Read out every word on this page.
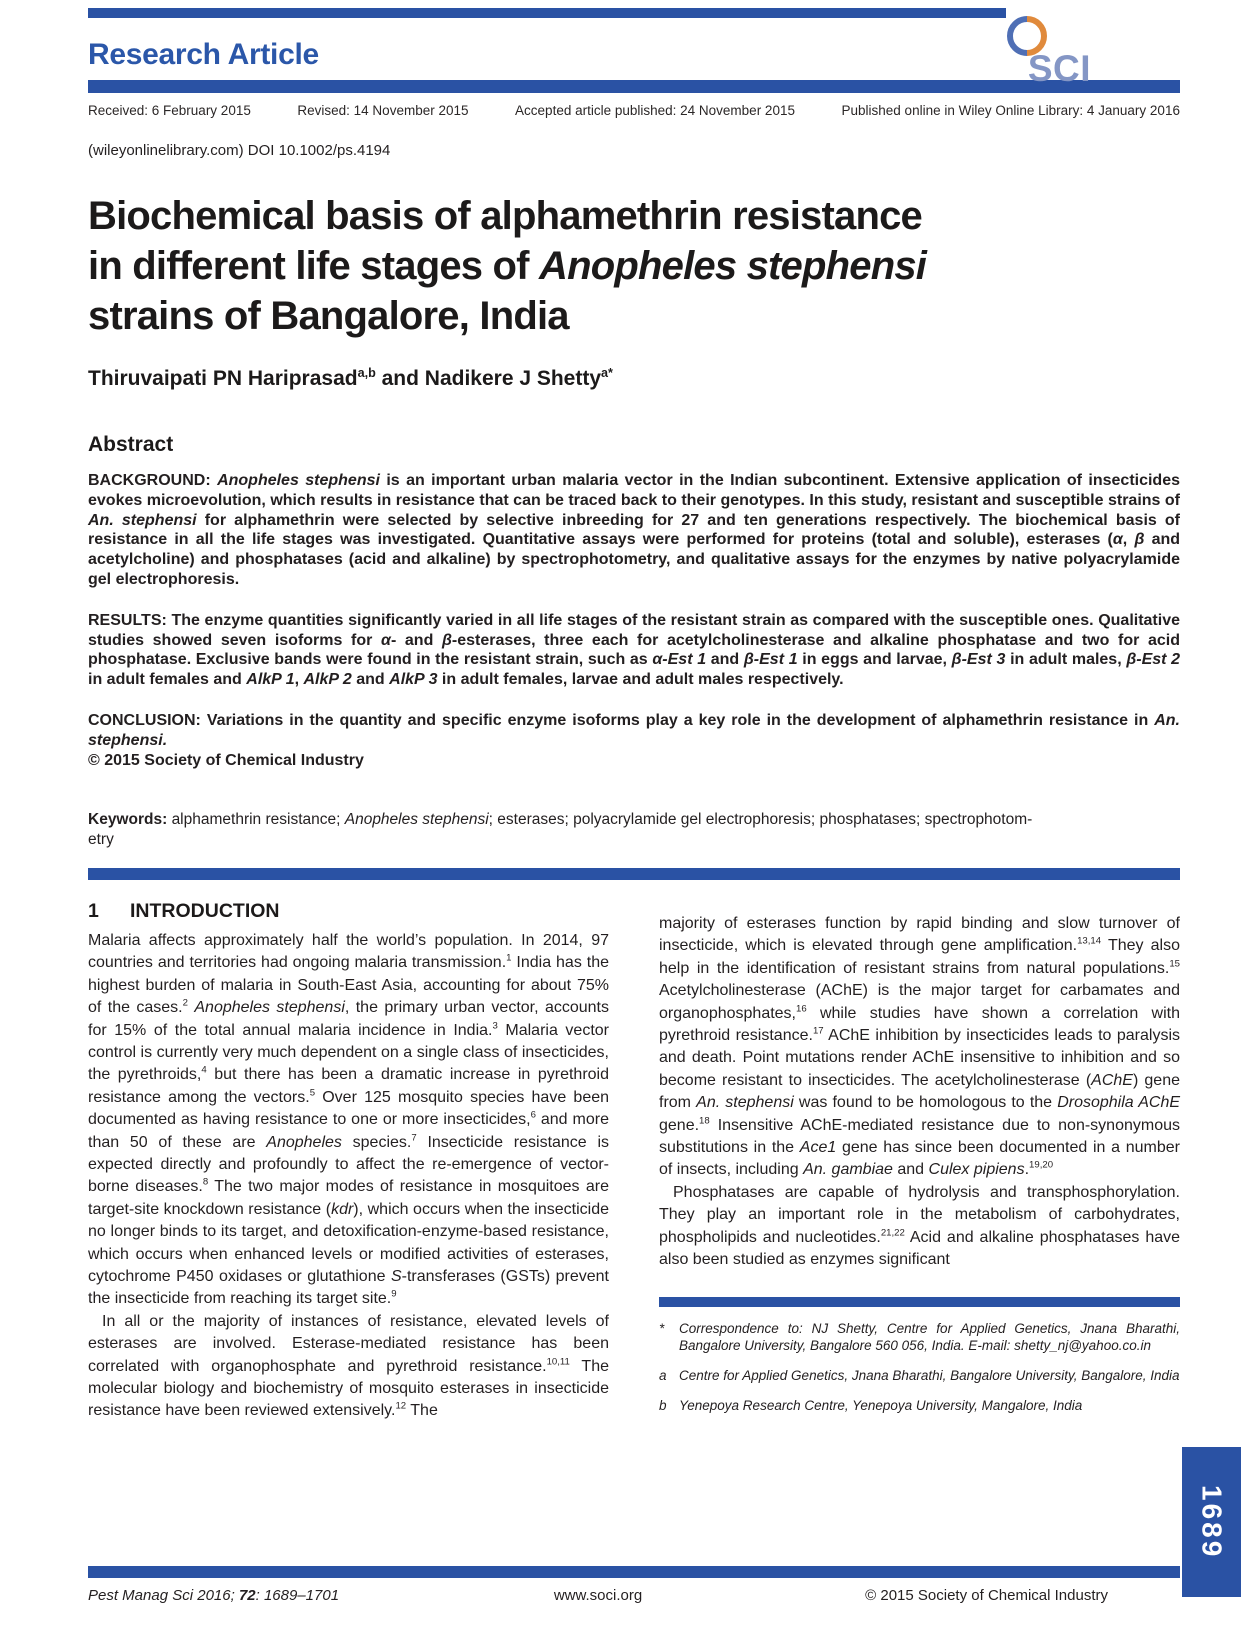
SCI
Research Article
Received: 6 February 2015	Revised: 14 November 2015	Accepted article published: 24 November 2015	Published online in Wiley Online Library: 4 January 2016
(wileyonlinelibrary.com) DOI 10.1002/ps.4194
Biochemical basis of alphamethrin resistance
in different life stages of Anopheles stephensi
strains of Bangalore, India
Thiruvaipati PN Hariprasad$^{a,b}$ and Nadikere J Shetty$^{a*}$
Abstract

BACKGROUND: Anopheles stephensi is an important urban malaria vector in the Indian subcontinent. Extensive application of insecticides evokes microevolution, which results in resistance that can be traced back to their genotypes. In this study, resistant and susceptible strains of An. stephensi for alphamethrin were selected by selective inbreeding for 27 and ten generations respectively. The biochemical basis of resistance in all the life stages was investigated. Quantitative assays were performed for proteins (total and soluble), esterases (α, β and acetylcholine) and phosphatases (acid and alkaline) by spectrophotometry, and qualitative assays for the enzymes by native polyacrylamide gel electrophoresis.

RESULTS: The enzyme quantities significantly varied in all life stages of the resistant strain as compared with the susceptible ones. Qualitative studies showed seven isoforms for α- and β-esterases, three each for acetylcholinesterase and alkaline phosphatase and two for acid phosphatase. Exclusive bands were found in the resistant strain, such as α-Est 1 and β-Est 1 in eggs and larvae, β-Est 3 in adult males, β-Est 2 in adult females and AlkP 1, AlkP 2 and AlkP 3 in adult females, larvae and adult males respectively.

CONCLUSION: Variations in the quantity and specific enzyme isoforms play a key role in the development of alphamethrin resistance in An. stephensi.

© 2015 Society of Chemical Industry

Keywords: alphamethrin resistance; Anopheles stephensi; esterases; polyacrylamide gel electrophoresis; phosphatases; spectrophotom-
etry
1 INTRODUCTION

Malaria affects approximately half the world’s population. In 2014, 97 countries and territories had ongoing malaria transmission.$^1$ India has the highest burden of malaria in South-East Asia, accounting for about 75% of the cases.$^2$ Anopheles stephensi, the primary urban vector, accounts for 15% of the total annual malaria incidence in India.$^3$ Malaria vector control is currently very much dependent on a single class of insecticides, the pyrethroids,$^4$ but there has been a dramatic increase in pyrethroid resistance among the vectors.$^5$ Over 125 mosquito species have been documented as having resistance to one or more insecticides,$^6$ and more than 50 of these are Anopheles species.$^7$ Insecticide resistance is expected directly and profoundly to affect the re-emergence of vector-borne diseases.$^8$ The two major modes of resistance in mosquitoes are target-site knockdown resistance (kdr), which occurs when the insecticide no longer binds to its target, and detoxification-enzyme-based resistance, which occurs when enhanced levels or modified activities of esterases, cytochrome P450 oxidases or glutathione S-transferases (GSTs) prevent the insecticide from reaching its target site.$^9$

In all or the majority of instances of resistance, elevated levels of esterases are involved. Esterase-mediated resistance has been correlated with organophosphate and pyrethroid resistance.$^{10,11}$ The molecular biology and biochemistry of mosquito esterases in insecticide resistance have been reviewed extensively.$^{12}$ The

majority of esterases function by rapid binding and slow turnover of insecticide, which is elevated through gene amplification.$^{13,14}$ They also help in the identification of resistant strains from natural populations.$^{15}$ Acetylcholinesterase (AChE) is the major target for carbamates and organophosphates,$^{16}$ while studies have shown a correlation with pyrethroid resistance.$^{17}$ AChE inhibition by insecticides leads to paralysis and death. Point mutations render AChE insensitive to inhibition and so become resistant to insecticides. The acetylcholinesterase (AChE) gene from An. stephensi was found to be homologous to the Drosophila AChE gene.$^{18}$ Insensitive AChE-mediated resistance due to non-synonymous substitutions in the Ace1 gene has since been documented in a number of insects, including An. gambiae and Culex pipiens.$^{19,20}$

Phosphatases are capable of hydrolysis and transphosphorylation. They play an important role in the metabolism of carbohydrates, phospholipids and nucleotides.$^{21,22}$ Acid and alkaline phosphatases have also been studied as enzymes significant

*	Correspondence to: NJ Shetty, Centre for Applied Genetics, Jnana Bharathi, Bangalore University, Bangalore 560 056, India. E-mail: shetty_nj@yahoo.co.in
a Centre for Applied Genetics, Jnana Bharathi, Bangalore University, Bangalore, India
b Yenepoya Research Centre, Yenepoya University, Mangalore, India
Pest Manag Sci 2016; 72: 1689–1701	www.soci.org	© 2015 Society of Chemical Industry
1689
